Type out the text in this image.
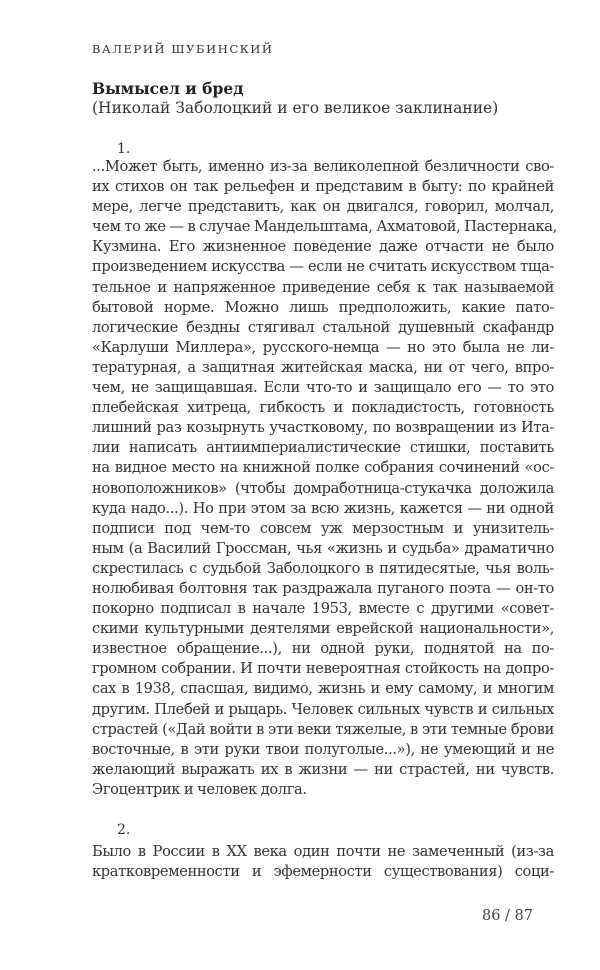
ВАЛЕРИЙ ШУБИНСКИЙ
Вымысел и бред
(Николай Заболоцкий и его великое заклинание)
1.
...Может быть, именно из-за великолепной безличности сво-
их стихов он так рельефен и представим в быту: по крайней
мере, легче представить, как он двигался, говорил, молчал,
чем то же — в случае Мандельштама, Ахматовой, Пастернака,
Кузмина. Его жизненное поведение даже отчасти не было
произведением искусства — если не считать искусством тща-
тельное и напряженное приведение себя к так называемой
бытовой норме. Можно лишь предположить, какие пато-
логические бездны стягивал стальной душевный скафандр
«Карлуши Миллера», русского-немца — но это была не ли-
тературная, а защитная житейская маска, ни от чего, впро-
чем, не защищавшая. Если что-то и защищало его — то это
плебейская хитреца, гибкость и покладистость, готовность
лишний раз козырнуть участковому, по возвращении из Ита-
лии написать антиимпериалистические стишки, поставить
на видное место на книжной полке собрания сочинений «ос-
новоположников» (чтобы домработница-стукачка доложила
куда надо...). Но при этом за всю жизнь, кажется — ни одной
подписи под чем-то совсем уж мерзостным и унизитель-
ным (а Василий Гроссман, чья «жизнь и судьба» драматично
скрестилась с судьбой Заболоцкого в пятидесятые, чья воль-
нолюбивая болтовня так раздражала пуганого поэта — он-то
покорно подписал в начале 1953, вместе с другими «совет-
скими культурными деятелями еврейской национальности»,
известное обращение...), ни одной руки, поднятой на по-
громном собрании. И почти невероятная стойкость на допро-
сах в 1938, спасшая, видимо, жизнь и ему самому, и многим
другим. Плебей и рыцарь. Человек сильных чувств и сильных
страстей («Дай войти в эти веки тяжелые, в эти темные брови
восточные, в эти руки твои полуголые...»), не умеющий и не
желающий выражать их в жизни — ни страстей, ни чувств.
Эгоцентрик и человек долга.
2.
Было в России в XX века один почти не замеченный (из-за
кратковременности и эфемерности существования) соци-
86 / 87
